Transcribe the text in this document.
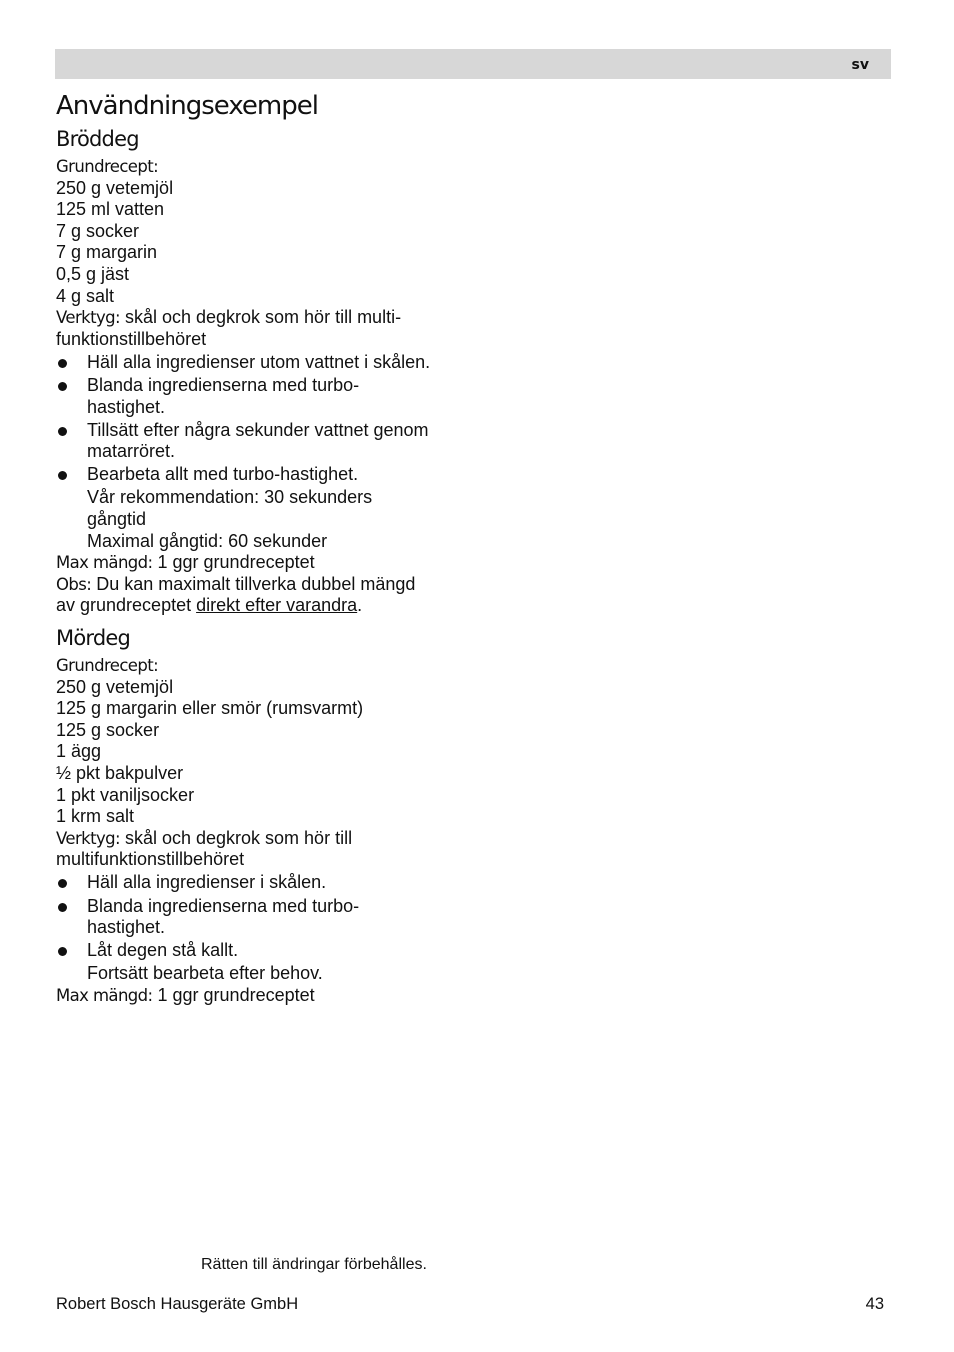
sv
Användningsexempel
Bröddeg
Grundrecept:
250 g vetemjöl
125 ml vatten
7 g socker
7 g margarin
0,5 g jäst
4 g salt
Verktyg: skål och degkrok som hör till multi-
funktionstillbehöret
Häll alla ingredienser utom vattnet i skålen.
Blanda ingredienserna med turbo-
hastighet.
Tillsätt efter några sekunder vattnet genom
matarröret.
Bearbeta allt med turbo-hastighet.
Vår rekommendation: 30 sekunders
gångtid
Maximal gångtid: 60 sekunder
Max mängd: 1 ggr grundreceptet
Obs: Du kan maximalt tillverka dubbel mängd
av grundreceptet direkt efter varandra.
Mördeg
Grundrecept:
250 g vetemjöl
125 g margarin eller smör (rumsvarmt)
125 g socker
1 ägg
½ pkt bakpulver
1 pkt vaniljsocker
1 krm salt
Verktyg: skål och degkrok som hör till
multifunktionstillbehöret
Häll alla ingredienser i skålen.
Blanda ingredienserna med turbo-
hastighet.
Låt degen stå kallt.
Fortsätt bearbeta efter behov.
Max mängd: 1 ggr grundreceptet
Rätten till ändringar förbehålles.
Robert Bosch Hausgeräte GmbH	43
